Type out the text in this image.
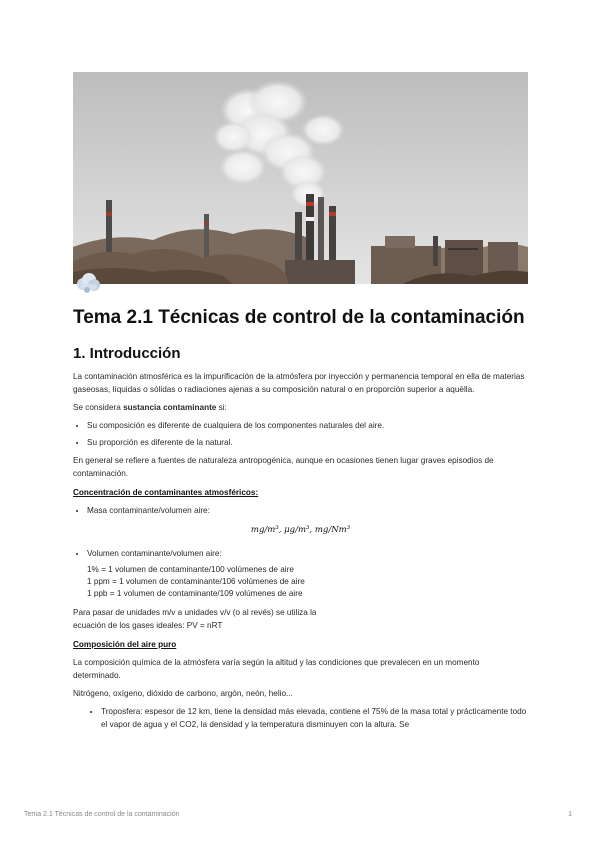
Tema 2.1 Técnicas de control de la contaminación
1. Introducción

La contaminación atmosférica es la impurificación de la atmósfera por inyección y permanencia temporal en ella de materias gaseosas, líquidas o sólidas o radiaciones ajenas a su composición natural o en proporción superior a aquélla.

Se considera sustancia contaminante si:

• Su composición es diferente de cualquiera de los componentes naturales del aire.
• Su proporción es diferente de la natural.

En general se refiere a fuentes de naturaleza antropogénica, aunque en ocasiones tienen lugar graves episodios de contaminación.

Concentración de contaminantes atmosféricos:

• Masa contaminante/volumen aire:
mg/m³, μg/m³, mg/Nm³
• Volumen contaminante/volumen aire:
1% = 1 volumen de contaminante/100 volúmenes de aire
1 ppm = 1 volumen de contaminante/106 volúmenes de aire
1 ppb = 1 volumen de contaminante/109 volúmenes de aire

Para pasar de unidades m/v a unidades v/v (o al revés) se utiliza la ecuación de los gases ideales: PV = nRT

Composición del aire puro

La composición química de la atmósfera varía según la altitud y las condiciones que prevalecen en un momento determinado.

Nitrógeno, oxígeno, dióxido de carbono, argón, neón, helio...

• Troposfera: espesor de 12 km, tiene la densidad más elevada, contiene el 75% de la masa total y prácticamente todo el vapor de agua y el CO2, la densidad y la temperatura disminuyen con la altura. Se
Tema 2.1 Técnicas de control de la contaminación	1
